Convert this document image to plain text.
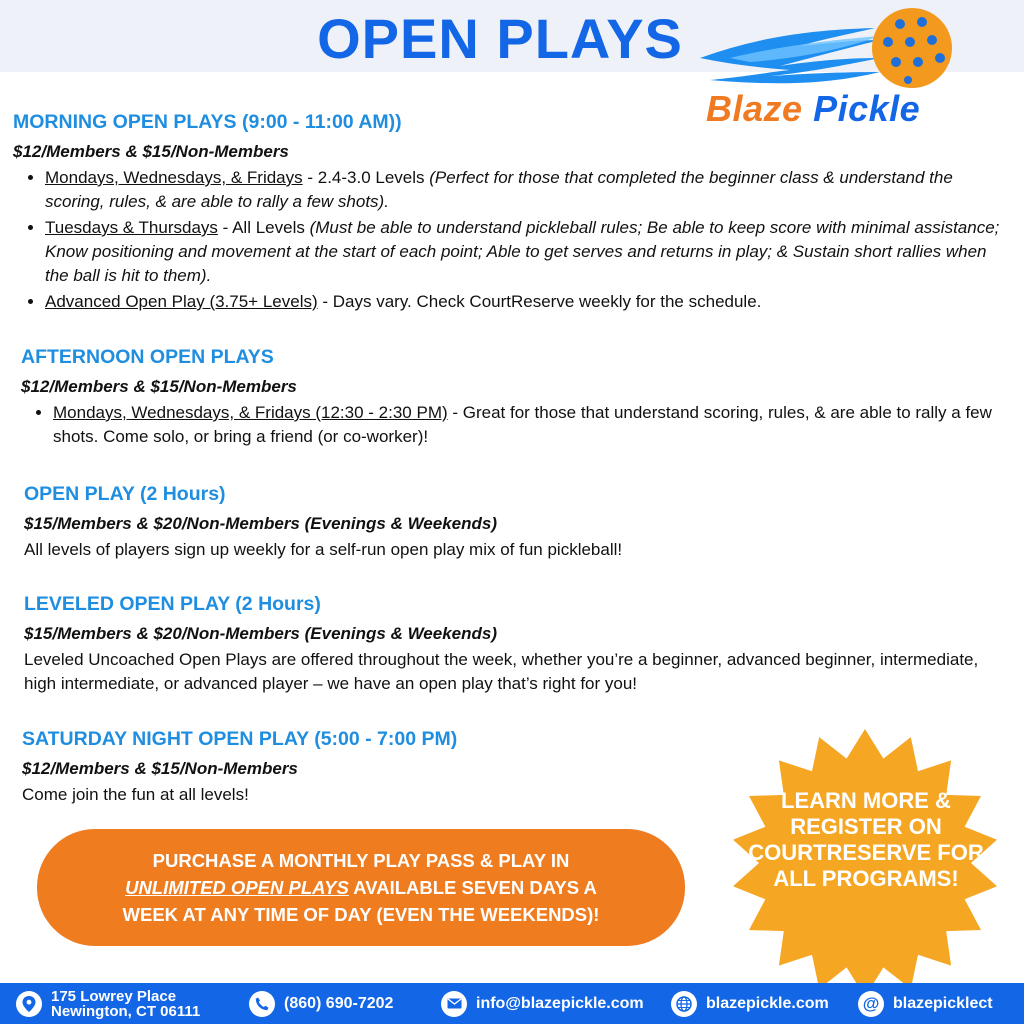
OPEN PLAYS
Blaze Pickle
MORNING OPEN PLAYS (9:00 - 11:00 AM))
$12/Members & $15/Non-Members
• Mondays, Wednesdays, & Fridays - 2.4-3.0 Levels (Perfect for those that completed the beginner class & understand the scoring, rules, & are able to rally a few shots).
• Tuesdays & Thursdays - All Levels (Must be able to understand pickleball rules; Be able to keep score with minimal assistance; Know positioning and movement at the start of each point; Able to get serves and returns in play; & Sustain short rallies when the ball is hit to them).
• Advanced Open Play (3.75+ Levels) - Days vary. Check CourtReserve weekly for the schedule.
AFTERNOON OPEN PLAYS
$12/Members & $15/Non-Members
• Mondays, Wednesdays, & Fridays (12:30 - 2:30 PM) - Great for those that understand scoring, rules, & are able to rally a few shots. Come solo, or bring a friend (or co-worker)!
OPEN PLAY (2 Hours)
$15/Members & $20/Non-Members (Evenings & Weekends)

All levels of players sign up weekly for a self-run open play mix of fun pickleball!

LEVELED OPEN PLAY (2 Hours)
$15/Members & $20/Non-Members (Evenings & Weekends)

Leveled Uncoached Open Plays are offered throughout the week, whether you’re a beginner, advanced beginner, intermediate, high intermediate, or advanced player – we have an open play that’s right for you!

SATURDAY NIGHT OPEN PLAY (5:00 - 7:00 PM)
$12/Members & $15/Non-Members

Come join the fun at all levels!

PURCHASE A MONTHLY PLAY PASS & PLAY IN
UNLIMITED OPEN PLAYS AVAILABLE SEVEN DAYS A
WEEK AT ANY TIME OF DAY (EVEN THE WEEKENDS)!
LEARN MORE & REGISTER ON COURTRESERVE FOR ALL PROGRAMS!
175 Lowrey Place
Newington, CT 06111	(860) 690-7202	info@blazepickle.com	blazepickle.com @ blazepicklect
